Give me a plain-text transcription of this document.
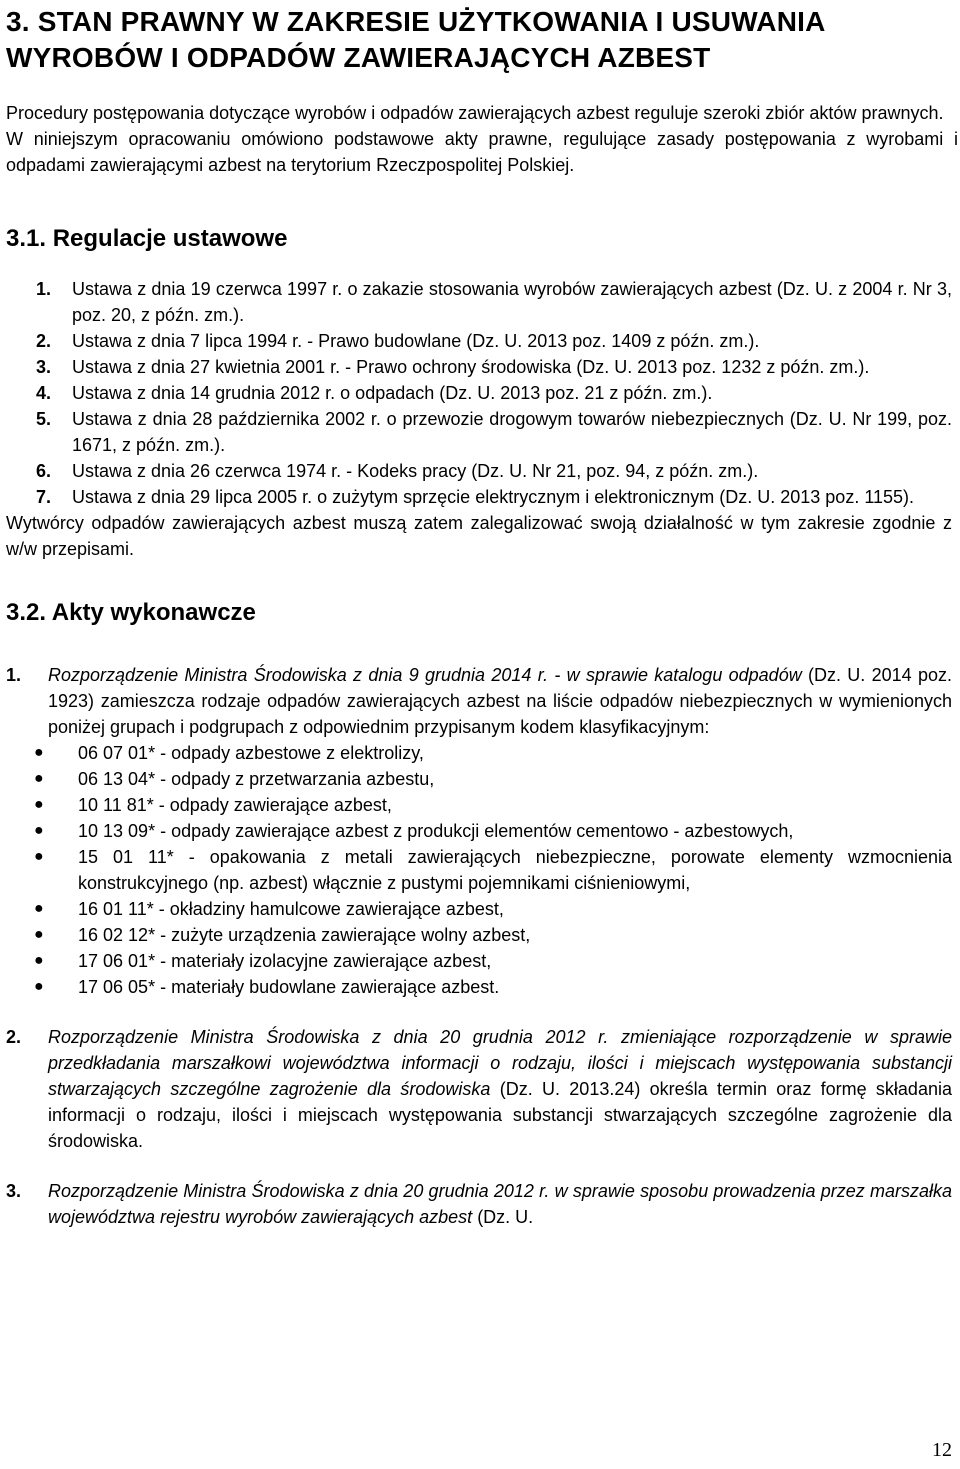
3. STAN PRAWNY W ZAKRESIE UŻYTKOWANIA I USUWANIA WYROBÓW I ODPADÓW ZAWIERAJĄCYCH AZBEST

Procedury postępowania dotyczące wyrobów i odpadów zawierających azbest reguluje szeroki zbiór aktów prawnych.

W niniejszym opracowaniu omówiono podstawowe akty prawne, regulujące zasady postępowania z wyrobami i odpadami zawierającymi azbest na terytorium Rzeczpospolitej Polskiej.

3.1. Regulacje ustawowe
1.	Ustawa z dnia 19 czerwca 1997 r. o zakazie stosowania wyrobów zawierających azbest (Dz. U. z 2004 r. Nr 3, poz. 20, z późn. zm.).
2.	Ustawa z dnia 7 lipca 1994 r. - Prawo budowlane (Dz. U. 2013 poz. 1409 z późn. zm.).
3.	Ustawa z dnia 27 kwietnia 2001 r. - Prawo ochrony środowiska (Dz. U. 2013 poz. 1232 z późn. zm.).
4.	Ustawa z dnia 14 grudnia 2012 r. o odpadach (Dz. U. 2013 poz. 21 z późn. zm.).
5.	Ustawa z dnia 28 października 2002 r. o przewozie drogowym towarów niebezpiecznych (Dz. U. Nr 199, poz. 1671, z późn. zm.).
6.	Ustawa z dnia 26 czerwca 1974 r. - Kodeks pracy (Dz. U. Nr 21, poz. 94, z późn. zm.).
7.	Ustawa z dnia 29 lipca 2005 r. o zużytym sprzęcie elektrycznym i elektronicznym (Dz. U. 2013 poz. 1155).

Wytwórcy odpadów zawierających azbest muszą zatem zalegalizować swoją działalność w tym zakresie zgodnie z w/w przepisami.

3.2. Akty wykonawcze
1.	Rozporządzenie Ministra Środowiska z dnia 9 grudnia 2014 r. - w sprawie katalogu odpadów (Dz. U. 2014 poz. 1923) zamieszcza rodzaje odpadów zawierających azbest na liście odpadów niebezpiecznych w wymienionych poniżej grupach i podgrupach z odpowiednim przypisanym kodem klasyfikacyjnym:
●	06 07 01* - odpady azbestowe z elektrolizy,
●	06 13 04* - odpady z przetwarzania azbestu,
●	10 11 81* - odpady zawierające azbest,
●	10 13 09* - odpady zawierające azbest z produkcji elementów cementowo - azbestowych,
●	15 01 11* - opakowania z metali zawierających niebezpieczne, porowate elementy wzmocnienia konstrukcyjnego (np. azbest) włącznie z pustymi pojemnikami ciśnieniowymi,
●	16 01 11* - okładziny hamulcowe zawierające azbest,
●	16 02 12* - zużyte urządzenia zawierające wolny azbest,
●	17 06 01* - materiały izolacyjne zawierające azbest,
●	17 06 05* - materiały budowlane zawierające azbest.
2.	Rozporządzenie Ministra Środowiska z dnia 20 grudnia 2012 r. zmieniające rozporządzenie w sprawie przedkładania marszałkowi województwa informacji o rodzaju, ilości i miejscach występowania substancji stwarzających szczególne zagrożenie dla środowiska (Dz. U. 2013.24) określa termin oraz formę składania informacji o rodzaju, ilości i miejscach występowania substancji stwarzających szczególne zagrożenie dla środowiska.
3.	Rozporządzenie Ministra Środowiska z dnia 20 grudnia 2012 r. w sprawie sposobu prowadzenia przez marszałka województwa rejestru wyrobów zawierających azbest (Dz. U.
12
